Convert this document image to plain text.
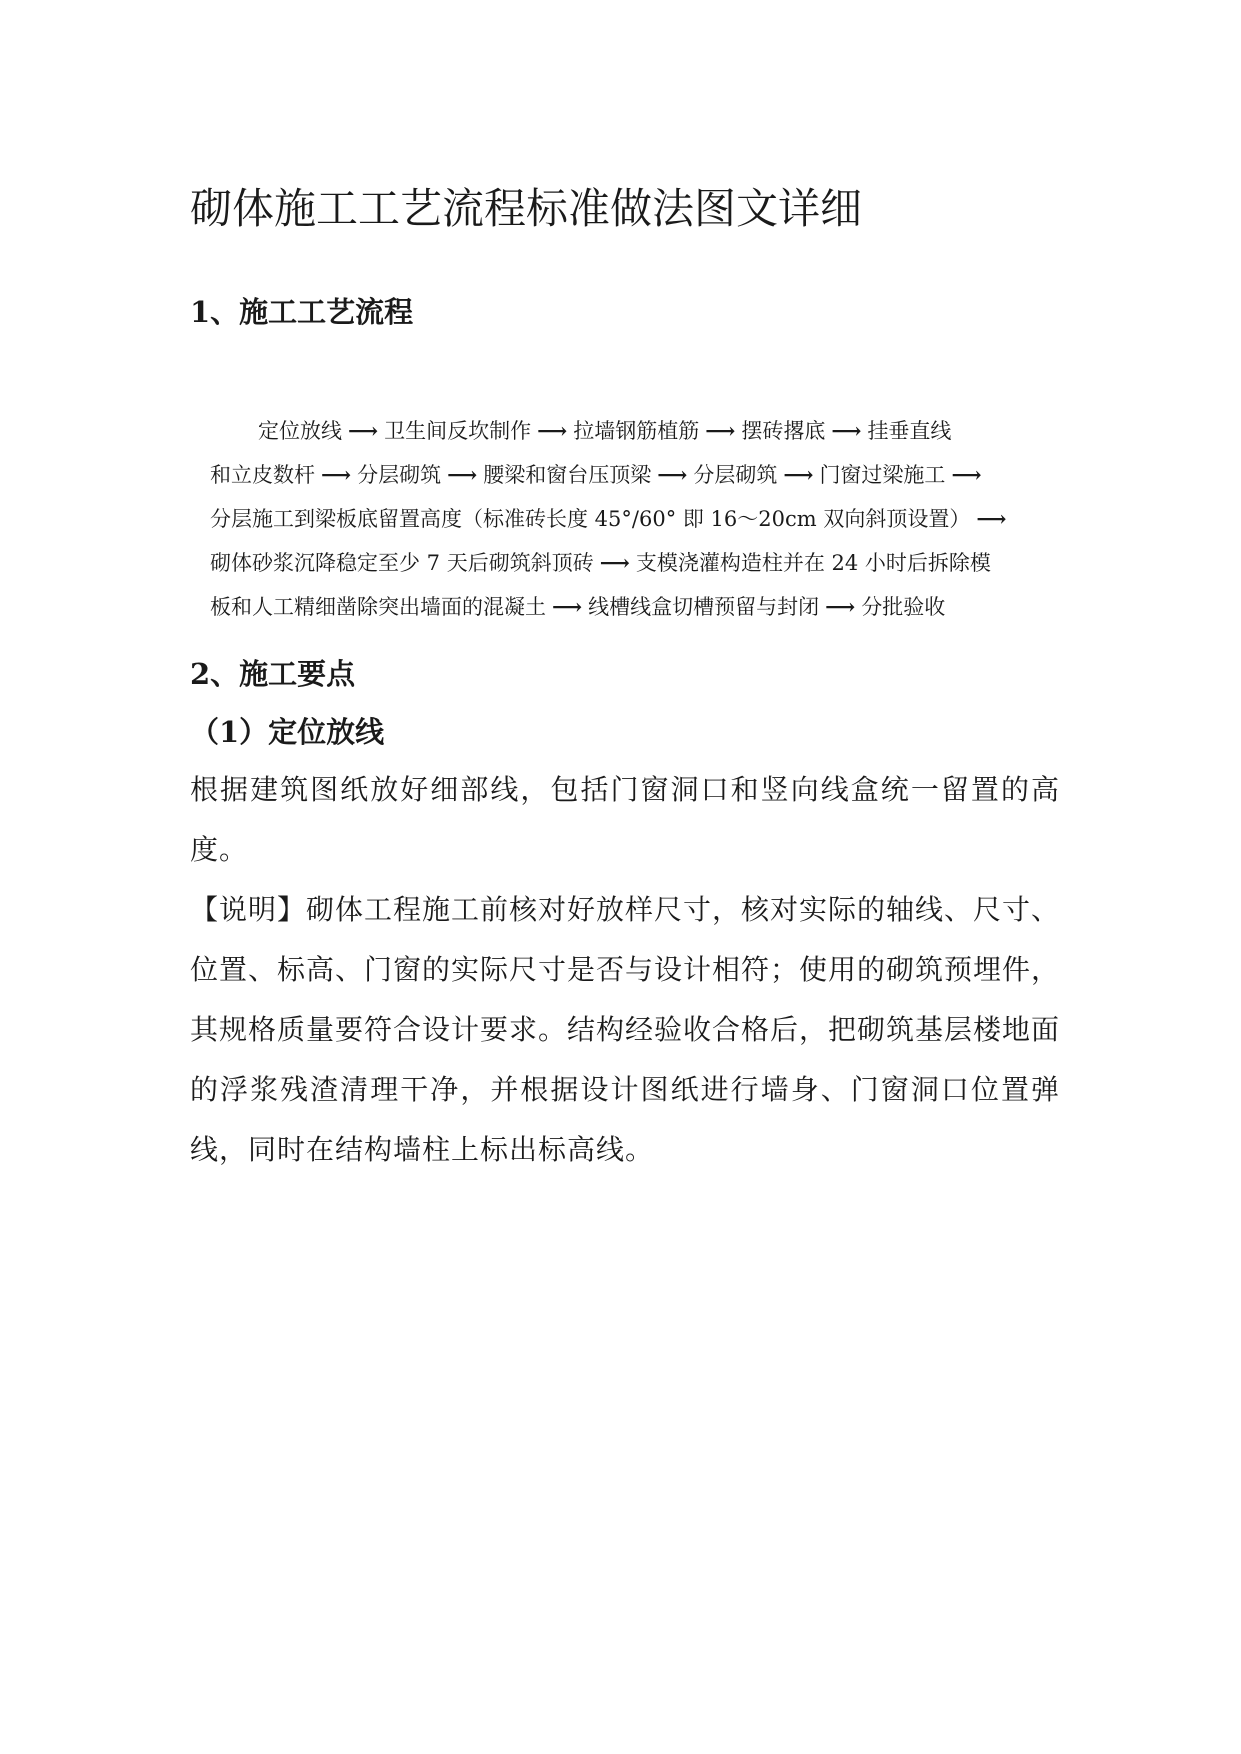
砌体施工工艺流程标准做法图文详细
1、施工工艺流程
定位放线 ⟶ 卫生间反坎制作 ⟶ 拉墙钢筋植筋 ⟶ 摆砖撂底 ⟶ 挂垂直线
和立皮数杆 ⟶ 分层砌筑 ⟶ 腰梁和窗台压顶梁 ⟶ 分层砌筑 ⟶ 门窗过梁施工 ⟶
分层施工到梁板底留置高度（标准砖长度 45°/60° 即 16～20cm 双向斜顶设置） ⟶
砌体砂浆沉降稳定至少 7 天后砌筑斜顶砖 ⟶ 支模浇灌构造柱并在 24 小时后拆除模
板和人工精细凿除突出墙面的混凝土 ⟶ 线槽线盒切槽预留与封闭 ⟶ 分批验收
2、施工要点
（1）定位放线

根据建筑图纸放好细部线，包括门窗洞口和竖向线盒统一留置的高度。

【说明】砌体工程施工前核对好放样尺寸，核对实际的轴线、尺寸、位置、标高、门窗的实际尺寸是否与设计相符；使用的砌筑预埋件，其规格质量要符合设计要求。结构经验收合格后，把砌筑基层楼地面的浮浆残渣清理干净，并根据设计图纸进行墙身、门窗洞口位置弹线，同时在结构墙柱上标出标高线。
